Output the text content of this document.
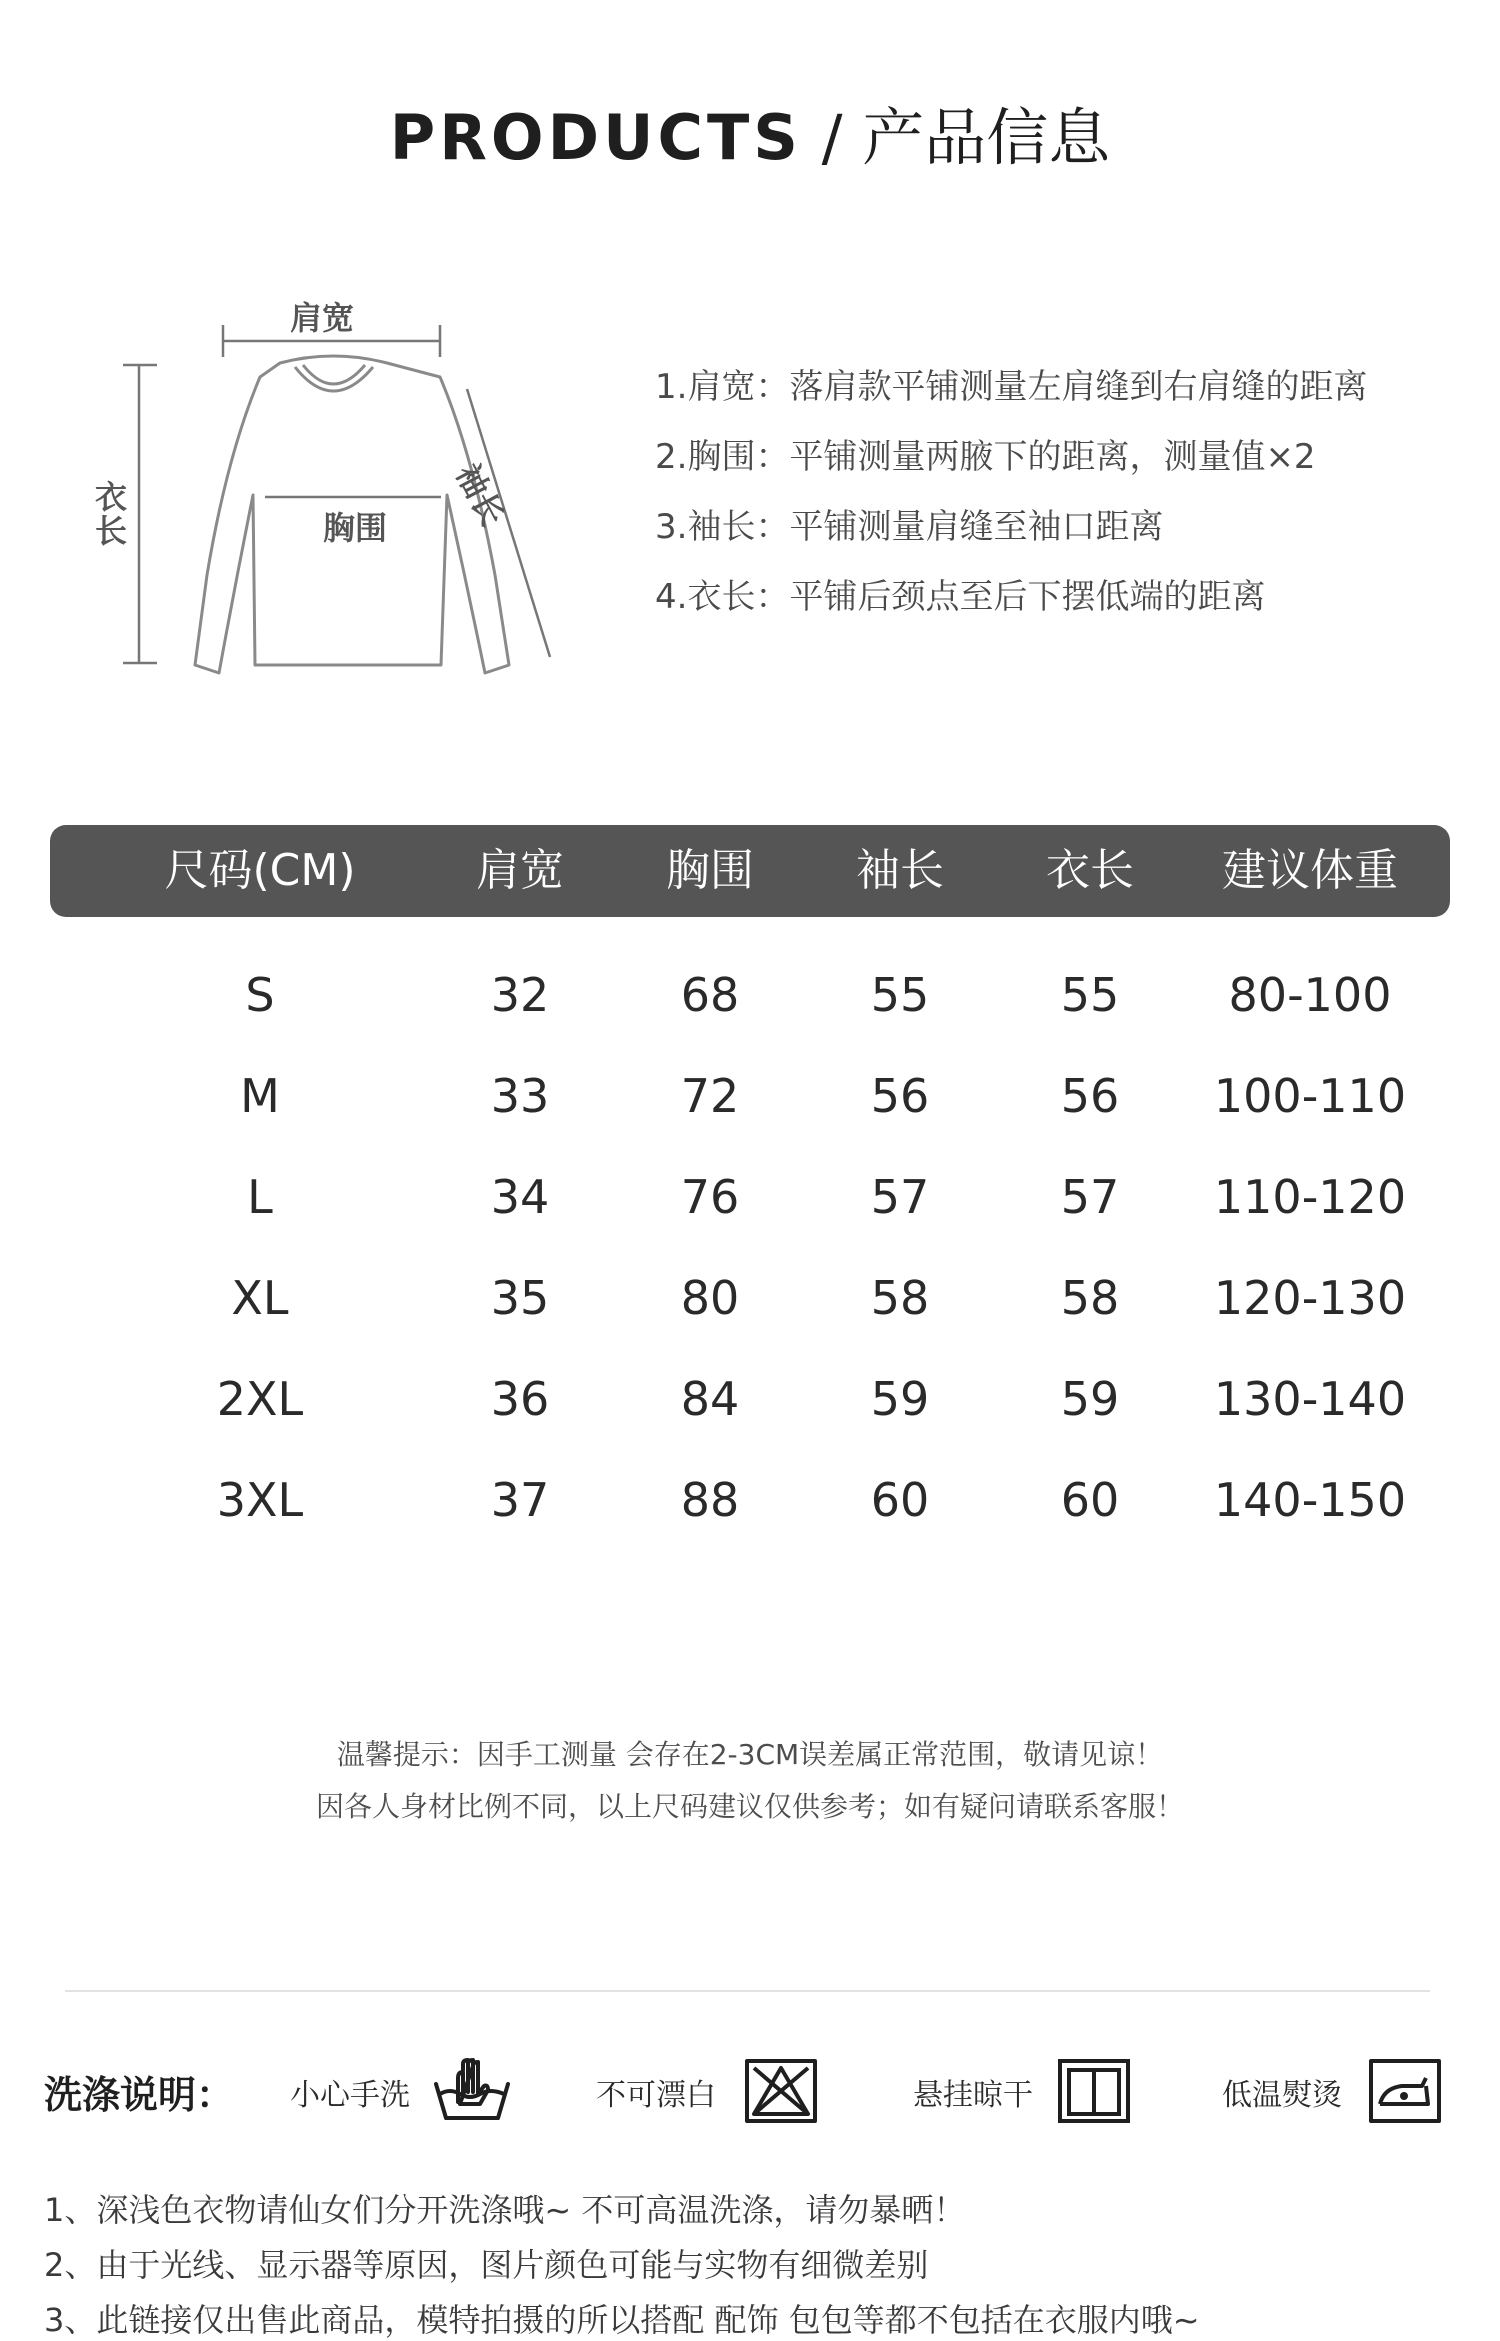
PRODUCTS / 产品信息
肩宽
胸围
衣长	袖长
1.肩宽：落肩款平铺测量左肩缝到右肩缝的距离
2.胸围：平铺测量两腋下的距离，测量值×2
3.袖长：平铺测量肩缝至袖口距离
4.衣长：平铺后颈点至后下摆低端的距离
尺码(CM)	肩宽	胸围	袖长	衣长	建议体重
S	32	68	55	55	80-100
M	33	72	56	56	100-110
L	34	76	57	57	110-120
XL	35	80	58	58	120-130
2XL	36	84	59	59	130-140
3XL	37	88	60	60	140-150
温馨提示：因手工测量 会存在2-3CM误差属正常范围，敬请见谅！
因各人身材比例不同，以上尺码建议仅供参考；如有疑问请联系客服！
洗涤说明： 小心手洗	不可漂白	悬挂晾干	低温熨烫
1、深浅色衣物请仙女们分开洗涤哦~ 不可高温洗涤，请勿暴晒！
2、由于光线、显示器等原因，图片颜色可能与实物有细微差别
3、此链接仅出售此商品，模特拍摄的所以搭配 配饰 包包等都不包括在衣服内哦~
